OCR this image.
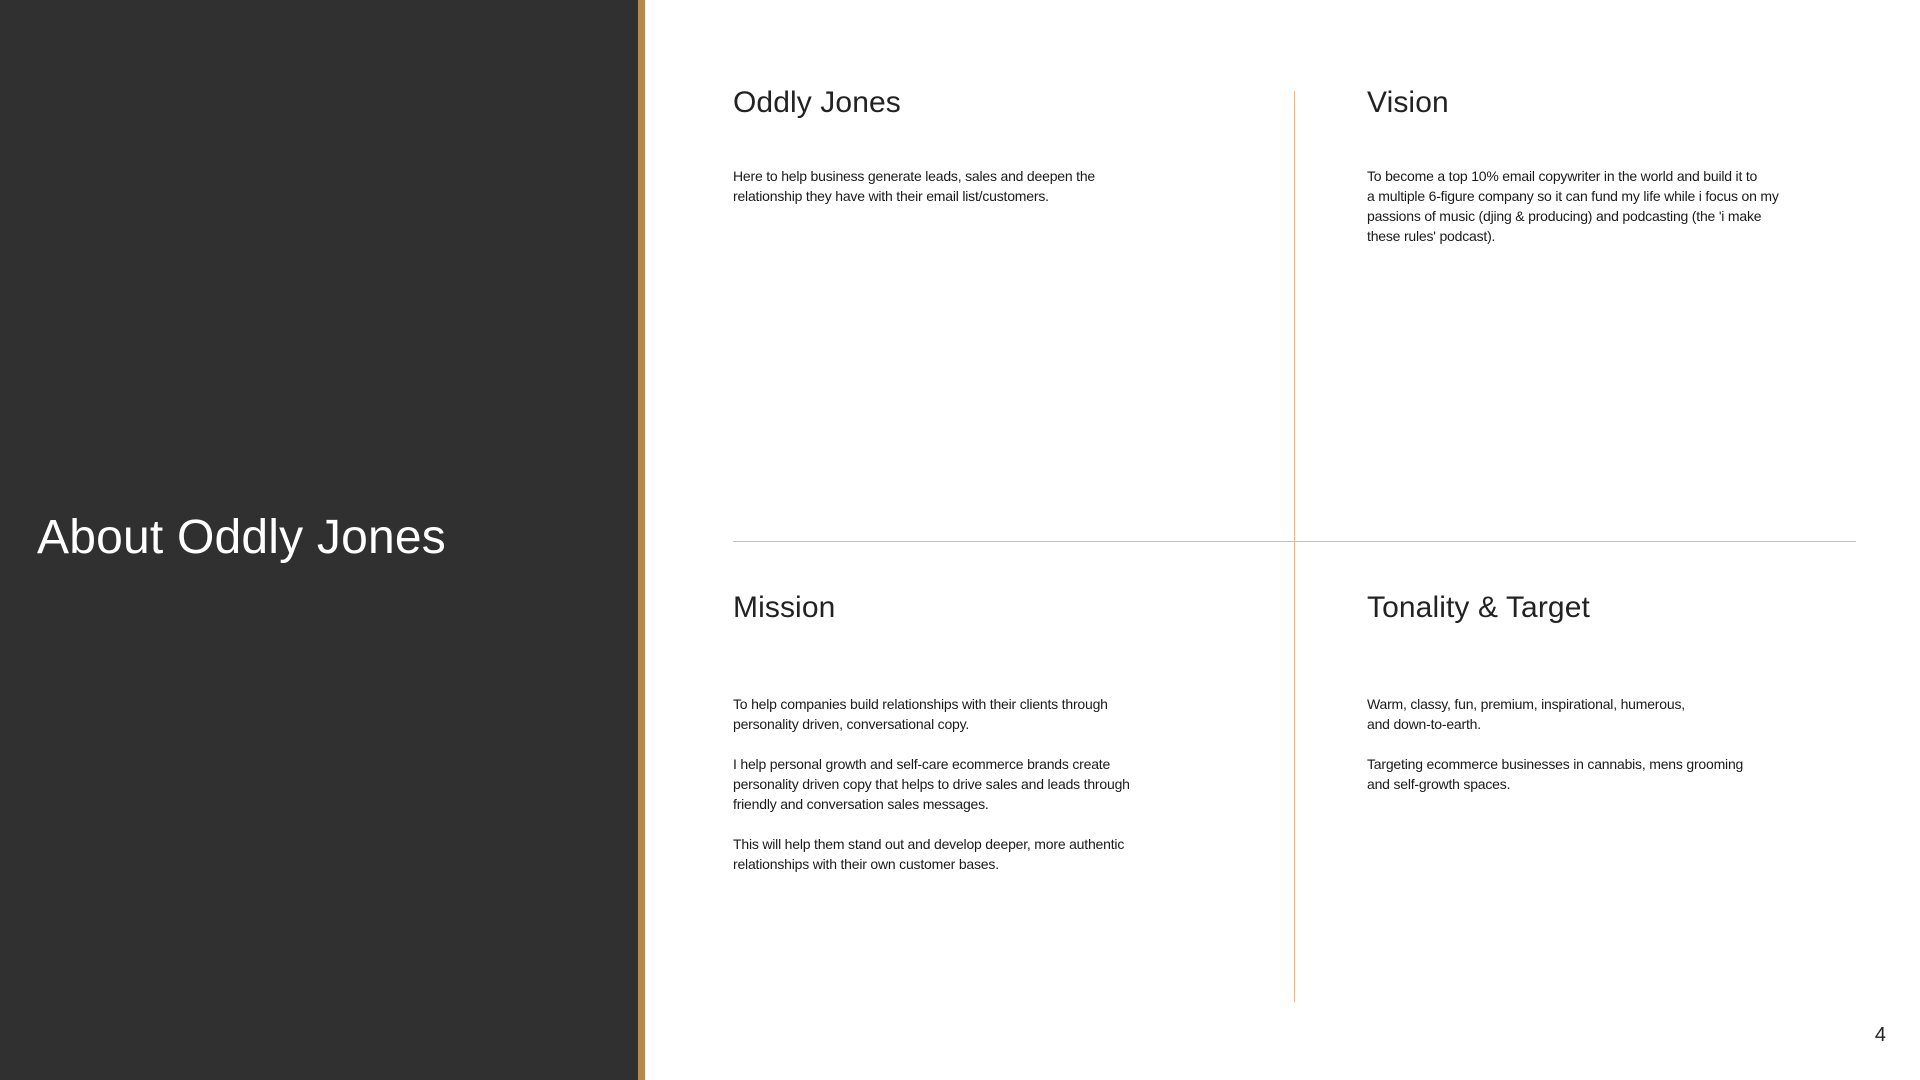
About Oddly Jones
Oddly Jones

Here to help business generate leads, sales and deepen the
relationship they have with their email list/customers.

Vision

To become a top 10% email copywriter in the world and build it to
a multiple 6-figure company so it can fund my life while i focus on my
passions of music (djing & producing) and podcasting (the 'i make
these rules' podcast).

Mission

To help companies build relationships with their clients through
personality driven, conversational copy.

I help personal growth and self-care ecommerce brands create
personality driven copy that helps to drive sales and leads through
friendly and conversation sales messages.

This will help them stand out and develop deeper, more authentic
relationships with their own customer bases.

Tonality & Target

Warm, classy, fun, premium, inspirational, humerous,
and down-to-earth.

Targeting ecommerce businesses in cannabis, mens grooming
and self-growth spaces.

4
